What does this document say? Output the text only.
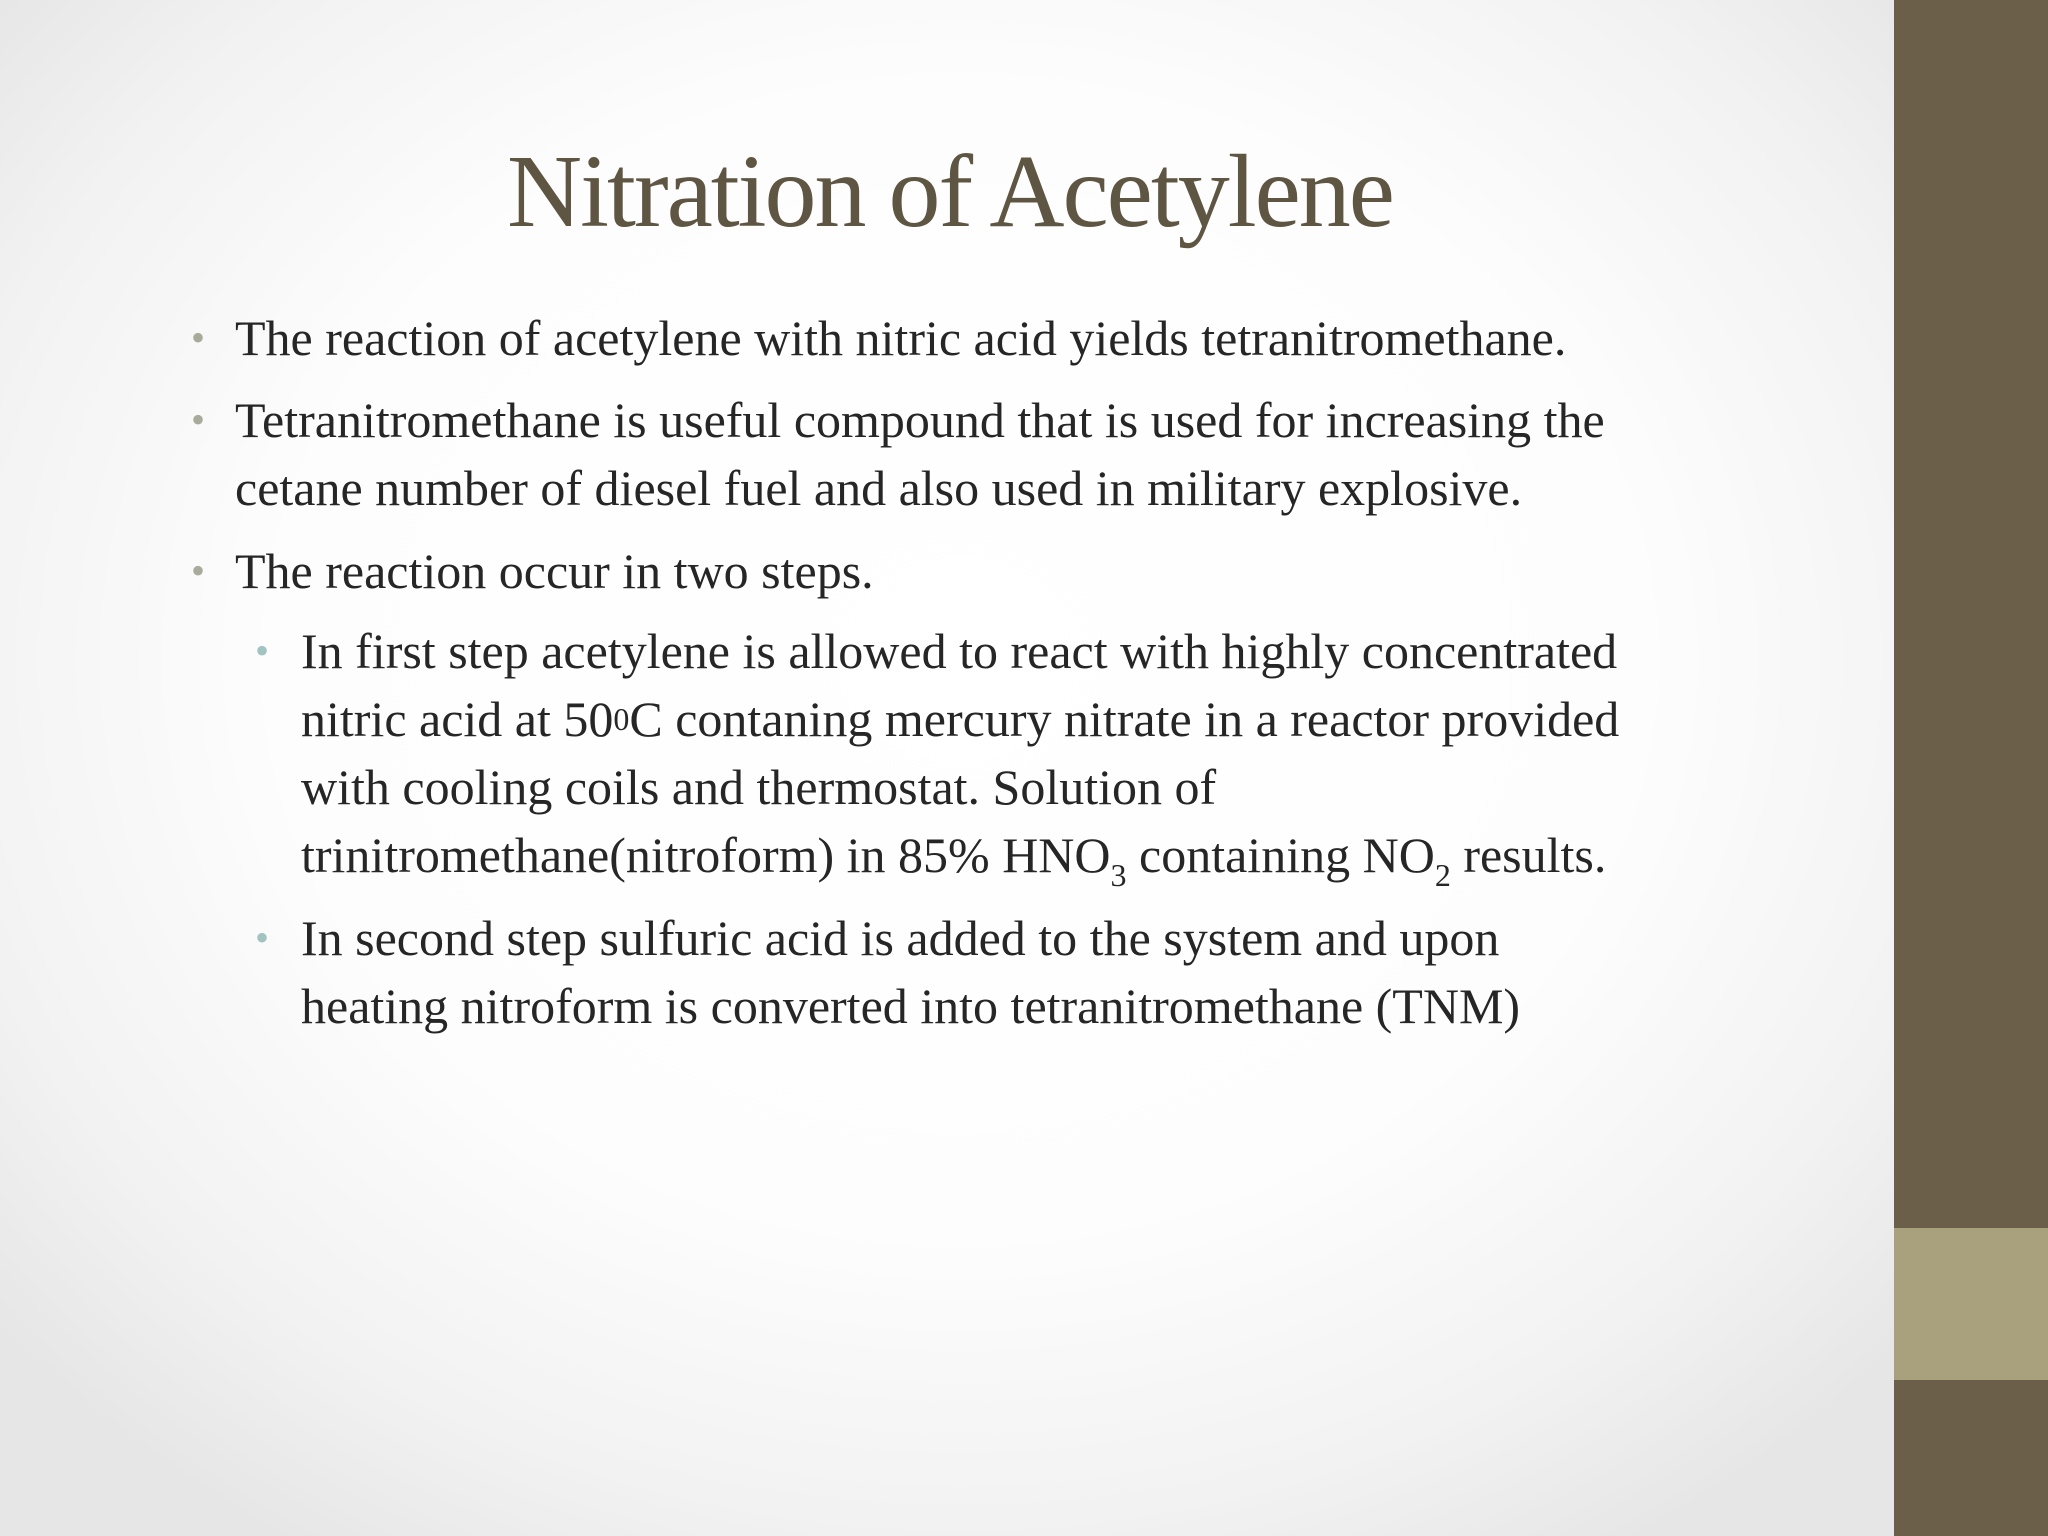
Nitration of Acetylene
• The reaction of acetylene with nitric acid yields tetranitromethane.
• Tetranitromethane is useful compound that is used for increasing the
cetane number of diesel fuel and also used in military explosive.
• The reaction occur in two steps.
• In first step acetylene is allowed to react with highly concentrated
nitric acid at $50^0C$ contaning mercury nitrate in a reactor provided
with cooling coils and thermostat. Solution of
trinitromethane(nitroform) in 85% $HNO_3$ containing $NO_2$ results.
• In second step sulfuric acid is added to the system and upon
heating nitroform is converted into tetranitromethane (TNM)
